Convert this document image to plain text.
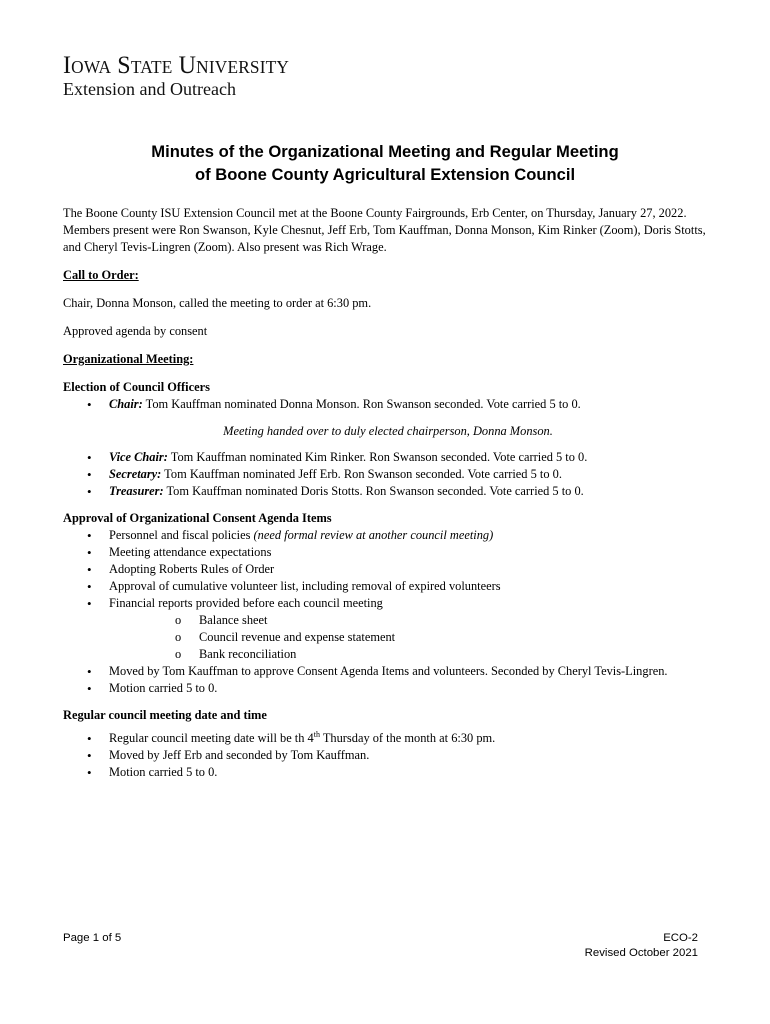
Iowa State University
Extension and Outreach
Minutes of the Organizational Meeting and Regular Meeting
of Boone County Agricultural Extension Council

The Boone County ISU Extension Council met at the Boone County Fairgrounds, Erb Center, on Thursday, January 27, 2022. Members present were Ron Swanson, Kyle Chesnut, Jeff Erb, Tom Kauffman, Donna Monson, Kim Rinker (Zoom), Doris Stotts, and Cheryl Tevis-Lingren (Zoom). Also present was Rich Wrage.

Call to Order:

Chair, Donna Monson, called the meeting to order at 6:30 pm.

Approved agenda by consent

Organizational Meeting:

Election of Council Officers
• Chair: Tom Kauffman nominated Donna Monson. Ron Swanson seconded. Vote carried 5 to 0.
Meeting handed over to duly elected chairperson, Donna Monson.
• Vice Chair: Tom Kauffman nominated Kim Rinker. Ron Swanson seconded. Vote carried 5 to 0.
• Secretary: Tom Kauffman nominated Jeff Erb. Ron Swanson seconded. Vote carried 5 to 0.
• Treasurer: Tom Kauffman nominated Doris Stotts. Ron Swanson seconded. Vote carried 5 to 0.
Approval of Organizational Consent Agenda Items
• Personnel and fiscal policies (need formal review at another council meeting)
• Meeting attendance expectations
• Adopting Roberts Rules of Order
• Approval of cumulative volunteer list, including removal of expired volunteers
• Financial reports provided before each council meeting
o Balance sheet
o Council revenue and expense statement
o Bank reconciliation
• Moved by Tom Kauffman to approve Consent Agenda Items and volunteers. Seconded by Cheryl Tevis-Lingren.
• Motion carried 5 to 0.
Regular council meeting date and time
• Regular council meeting date will be th 4th Thursday of the month at 6:30 pm.
• Moved by Jeff Erb and seconded by Tom Kauffman.
• Motion carried 5 to 0.
Page 1 of 5	ECO-2
Revised October 2021
